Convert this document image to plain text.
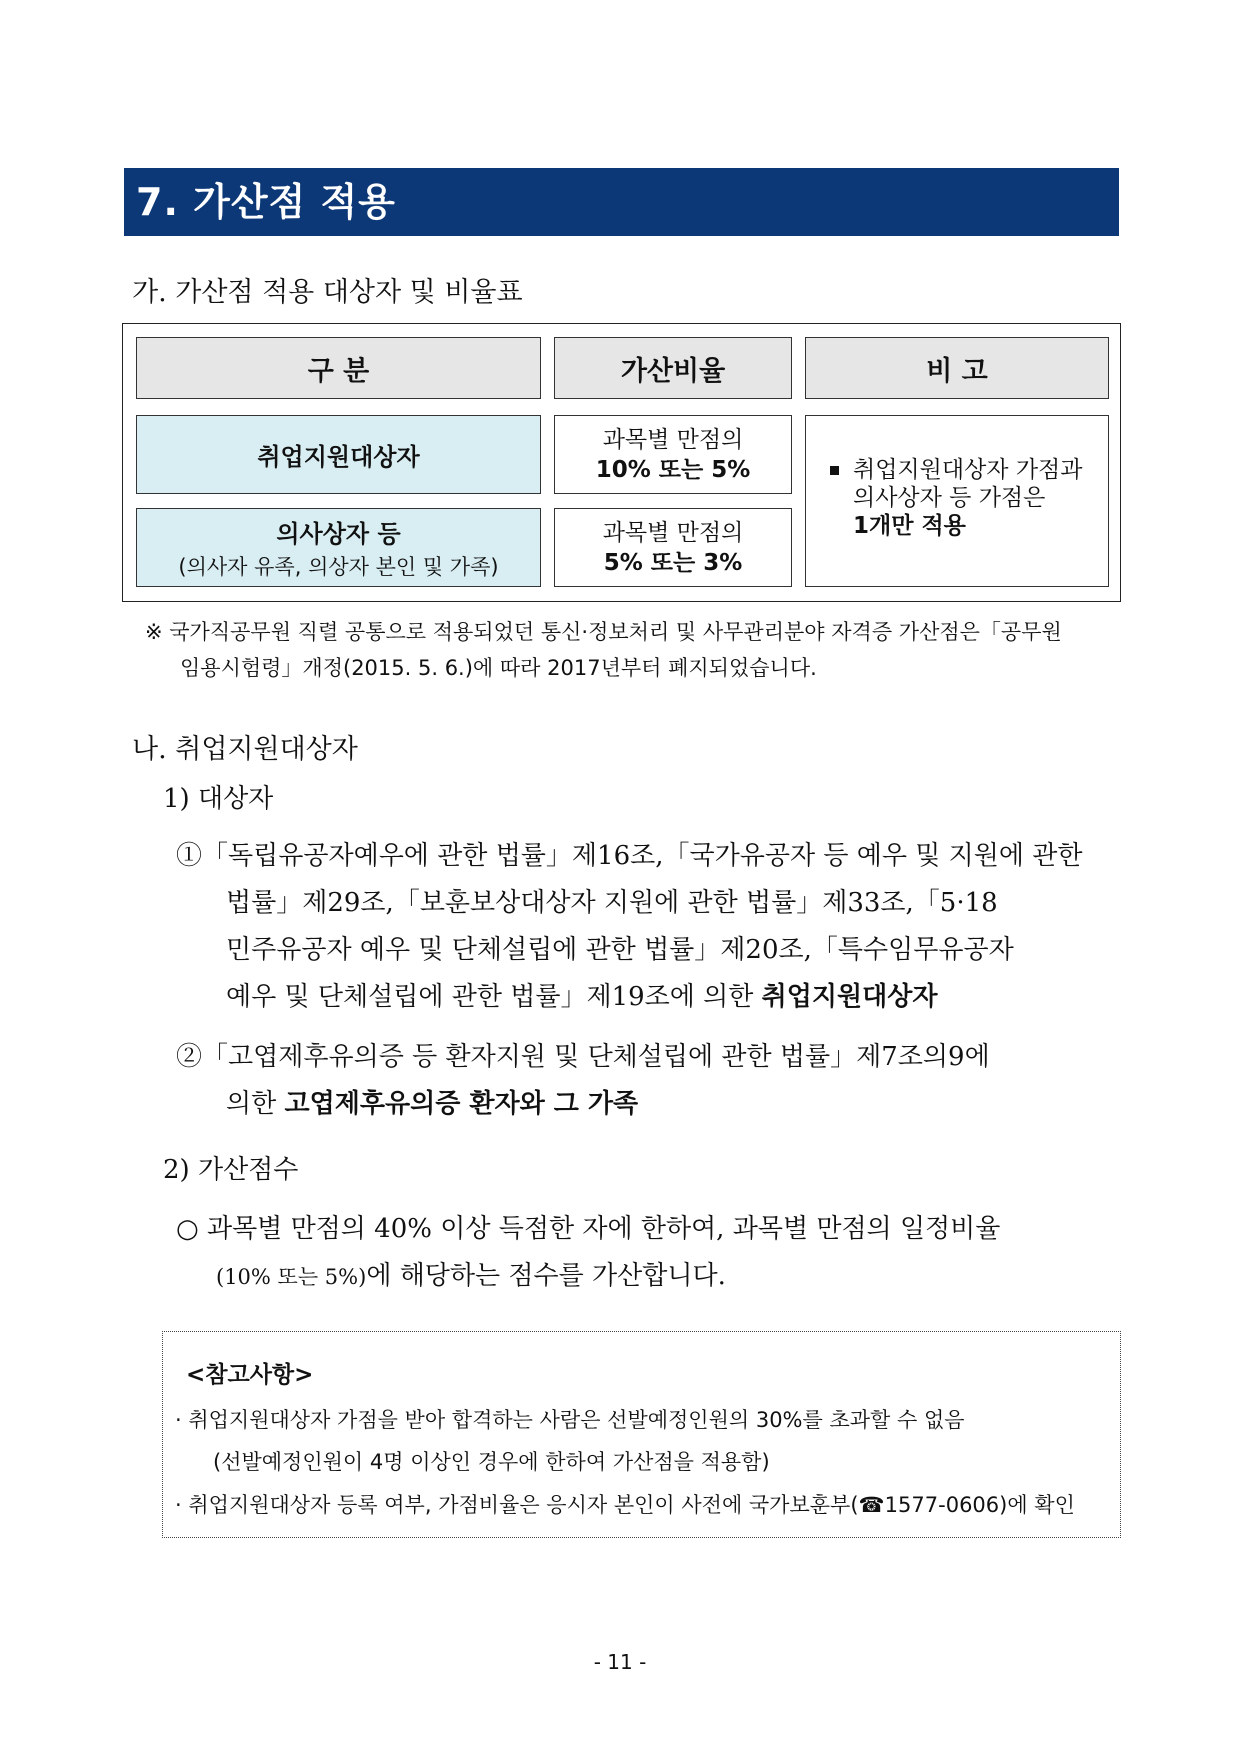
7. 가산점 적용
가. 가산점 적용 대상자 및 비율표
구 분	가산비율	비 고
취업지원대상자
과목별 만점의
10% 또는 5%
의사상자 등
(의사자 유족, 의상자 본인 및 가족)
과목별 만점의
5% 또는 3%
취업지원대상자 가점과
의사상자 등 가점은
1개만 적용
※ 국가직공무원 직렬 공통으로 적용되었던 통신·정보처리 및 사무관리분야 자격증 가산점은「공무원
임용시험령」개정(2015. 5. 6.)에 따라 2017년부터 폐지되었습니다.
나. 취업지원대상자
1) 대상자
①「독립유공자예우에 관한 법률」제16조,「국가유공자 등 예우 및 지원에 관한
법률」제29조,「보훈보상대상자 지원에 관한 법률」제33조,「5·18
민주유공자 예우 및 단체설립에 관한 법률」제20조,「특수임무유공자
예우 및 단체설립에 관한 법률」제19조에 의한 취업지원대상자
②「고엽제후유의증 등 환자지원 및 단체설립에 관한 법률」제7조의9에
의한 고엽제후유의증 환자와 그 가족
2) 가산점수
○ 과목별 만점의 40% 이상 득점한 자에 한하여, 과목별 만점의 일정비율
(10% 또는 5%)에 해당하는 점수를 가산합니다.
<참고사항>
· 취업지원대상자 가점을 받아 합격하는 사람은 선발예정인원의 30%를 초과할 수 없음
(선발예정인원이 4명 이상인 경우에 한하여 가산점을 적용함)
· 취업지원대상자 등록 여부, 가점비율은 응시자 본인이 사전에 국가보훈부(☎1577-0606)에 확인
- 11 -
